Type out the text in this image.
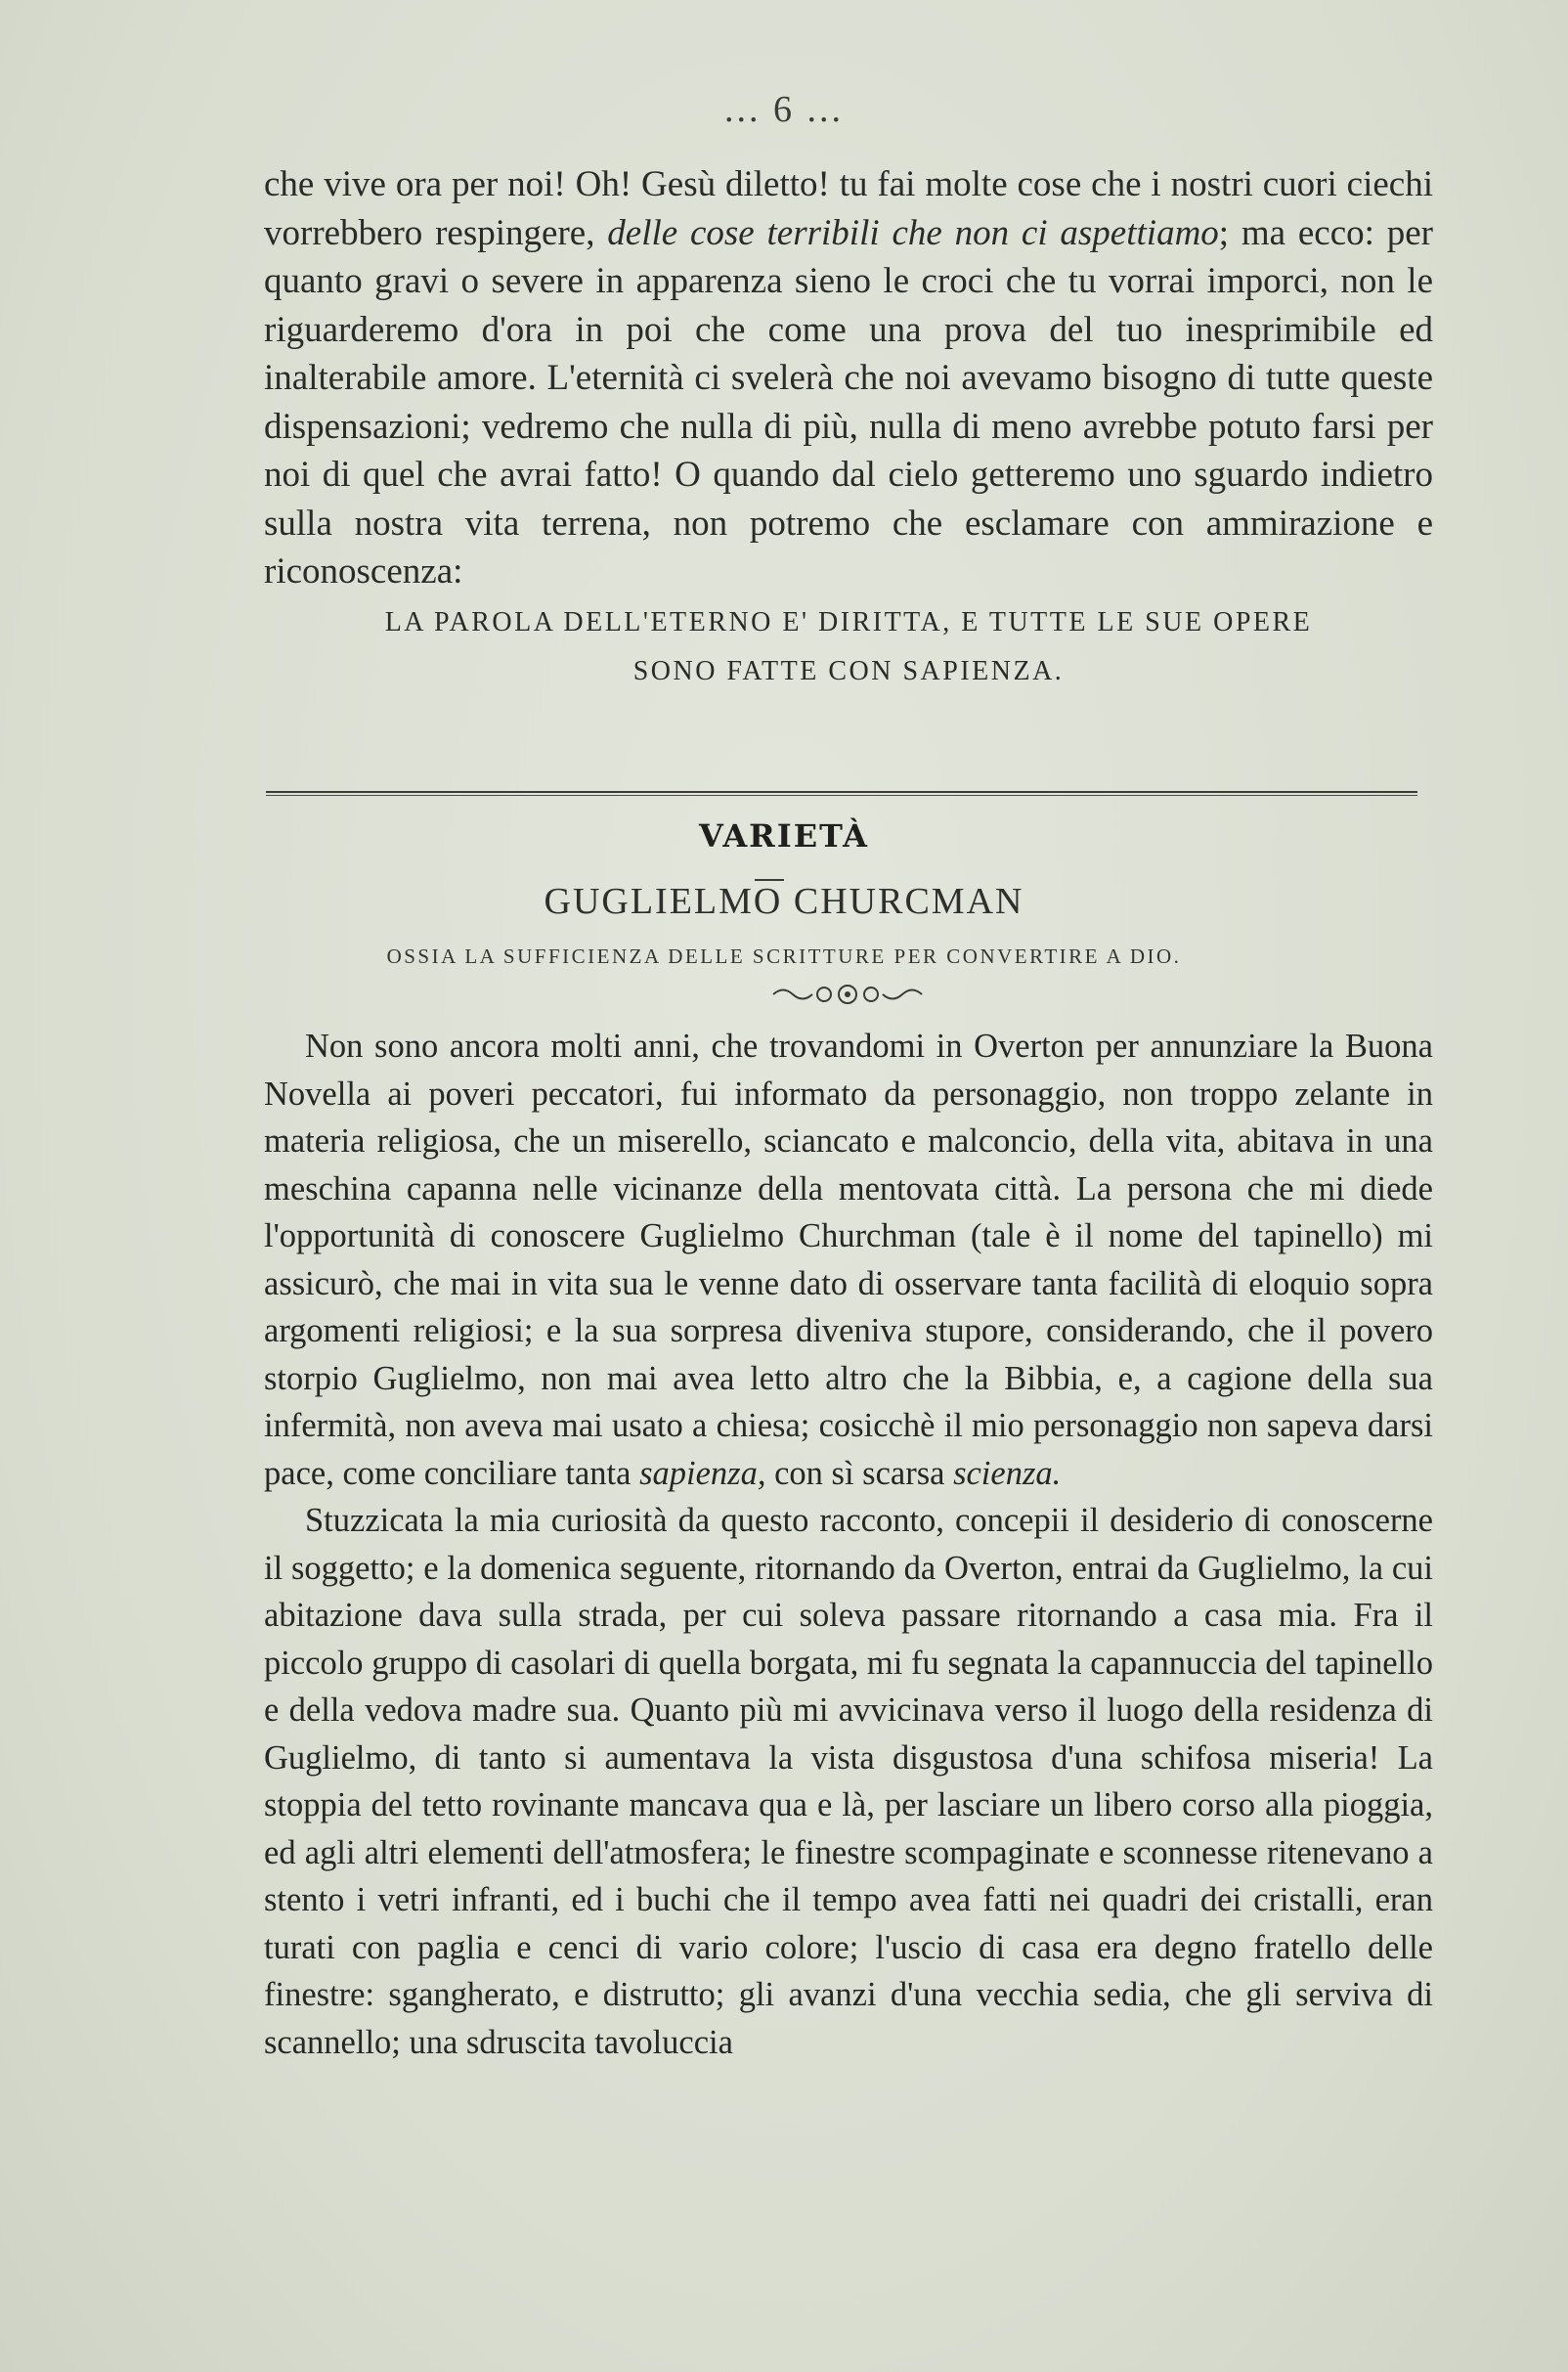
... 6 ...

che vive ora per noi! Oh! Gesù diletto! tu fai molte cose che i nostri cuori ciechi vorrebbero respingere, delle cose terribili che non ci aspettiamo; ma ecco: per quanto gravi o severe in apparenza sieno le croci che tu vorrai imporci, non le riguarderemo d'ora in poi che come una prova del tuo inesprimibile ed inalterabile amore. L'eternità ci svelerà che noi avevamo bisogno di tutte queste dispensazioni; vedremo che nulla di più, nulla di meno avrebbe potuto farsi per noi di quel che avrai fatto! O quando dal cielo getteremo uno sguardo indietro sulla nostra vita terrena, non potremo che esclamare con ammirazione e riconoscenza:

LA PAROLA DELL'ETERNO E' DIRITTA, E TUTTE LE SUE OPERE
SONO FATTE CON SAPIENZA.
VARIETÀ
GUGLIELMO CHURCMAN
OSSIA LA SUFFICIENZA DELLE SCRITTURE PER CONVERTIRE A DIO.

Non sono ancora molti anni, che trovandomi in Overton per annunziare la Buona Novella ai poveri peccatori, fui informato da personaggio, non troppo zelante in materia religiosa, che un miserello, sciancato e malconcio, della vita, abitava in una meschina capanna nelle vicinanze della mentovata città. La persona che mi diede l'opportunità di conoscere Guglielmo Churchman (tale è il nome del tapinello) mi assicurò, che mai in vita sua le venne dato di osservare tanta facilità di eloquio sopra argomenti religiosi; e la sua sorpresa diveniva stupore, considerando, che il povero storpio Guglielmo, non mai avea letto altro che la Bibbia, e, a cagione della sua infermità, non aveva mai usato a chiesa; cosicchè il mio personaggio non sapeva darsi pace, come conciliare tanta sapienza, con sì scarsa scienza.

Stuzzicata la mia curiosità da questo racconto, concepii il desiderio di conoscerne il soggetto; e la domenica seguente, ritornando da Overton, entrai da Guglielmo, la cui abitazione dava sulla strada, per cui soleva passare ritornando a casa mia. Fra il piccolo gruppo di casolari di quella borgata, mi fu segnata la capannuccia del tapinello e della vedova madre sua. Quanto più mi avvicinava verso il luogo della residenza di Guglielmo, di tanto si aumentava la vista disgustosa d'una schifosa miseria! La stoppia del tetto rovinante mancava qua e là, per lasciare un libero corso alla pioggia, ed agli altri elementi dell'atmosfera; le finestre scompaginate e sconnesse ritenevano a stento i vetri infranti, ed i buchi che il tempo avea fatti nei quadri dei cristalli, eran turati con paglia e cenci di vario colore; l'uscio di casa era degno fratello delle finestre: sgangherato, e distrutto; gli avanzi d'una vecchia sedia, che gli serviva di scannello; una sdruscita tavoluccia
